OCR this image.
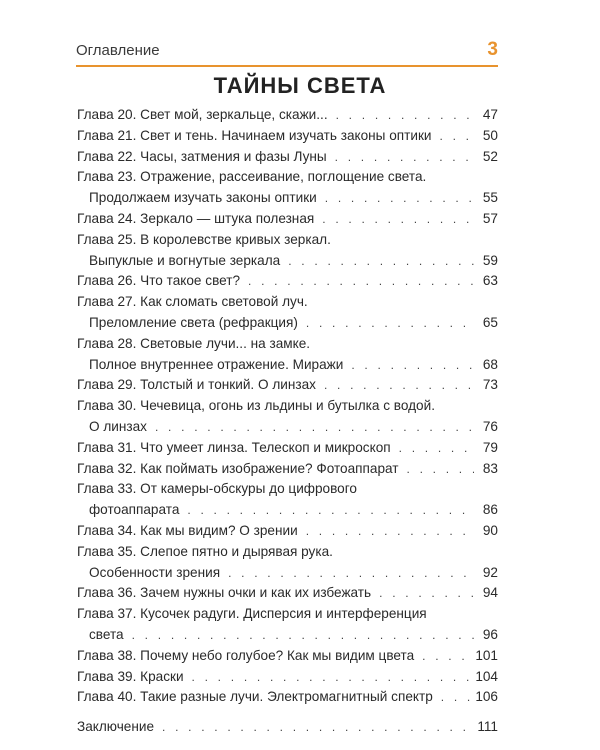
Оглавление	3
ТАЙНЫ СВЕТА
Глава 20. Свет мой, зеркальце, скажи... . . .	47
Глава 21. Свет и тень. Начинаем изучать законы оптики . . .	50
Глава 22. Часы, затмения и фазы Луны . . .	52
Глава 23. Отражение, рассеивание, поглощение света.
Продолжаем изучать законы оптики . . .	55
Глава 24. Зеркало — штука полезная . . .	57
Глава 25. В королевстве кривых зеркал.
Выпуклые и вогнутые зеркала . . .	59
Глава 26. Что такое свет? . . .	63
Глава 27. Как сломать световой луч.
Преломление света (рефракция) . . .	65
Глава 28. Световые лучи... на замке.
Полное внутреннее отражение. Миражи . . .	68
Глава 29. Толстый и тонкий. О линзах . . .	73
Глава 30. Чечевица, огонь из льдины и бутылка с водой.
О линзах . . .	76
Глава 31. Что умеет линза. Телескоп и микроскоп . . .	79
Глава 32. Как поймать изображение? Фотоаппарат . . .	83
Глава 33. От камеры-обскуры до цифрового
фотоаппарата . . .	86
Глава 34. Как мы видим? О зрении . . .	90
Глава 35. Слепое пятно и дырявая рука.
Особенности зрения . . .	92
Глава 36. Зачем нужны очки и как их избежать . . .	94
Глава 37. Кусочек радуги. Дисперсия и интерференция
света . . .	96
Глава 38. Почему небо голубое? Как мы видим цвета . . .	101
Глава 39. Краски . . .	104
Глава 40. Такие разные лучи. Электромагнитный спектр . . .	106
Заключение . . .	111
